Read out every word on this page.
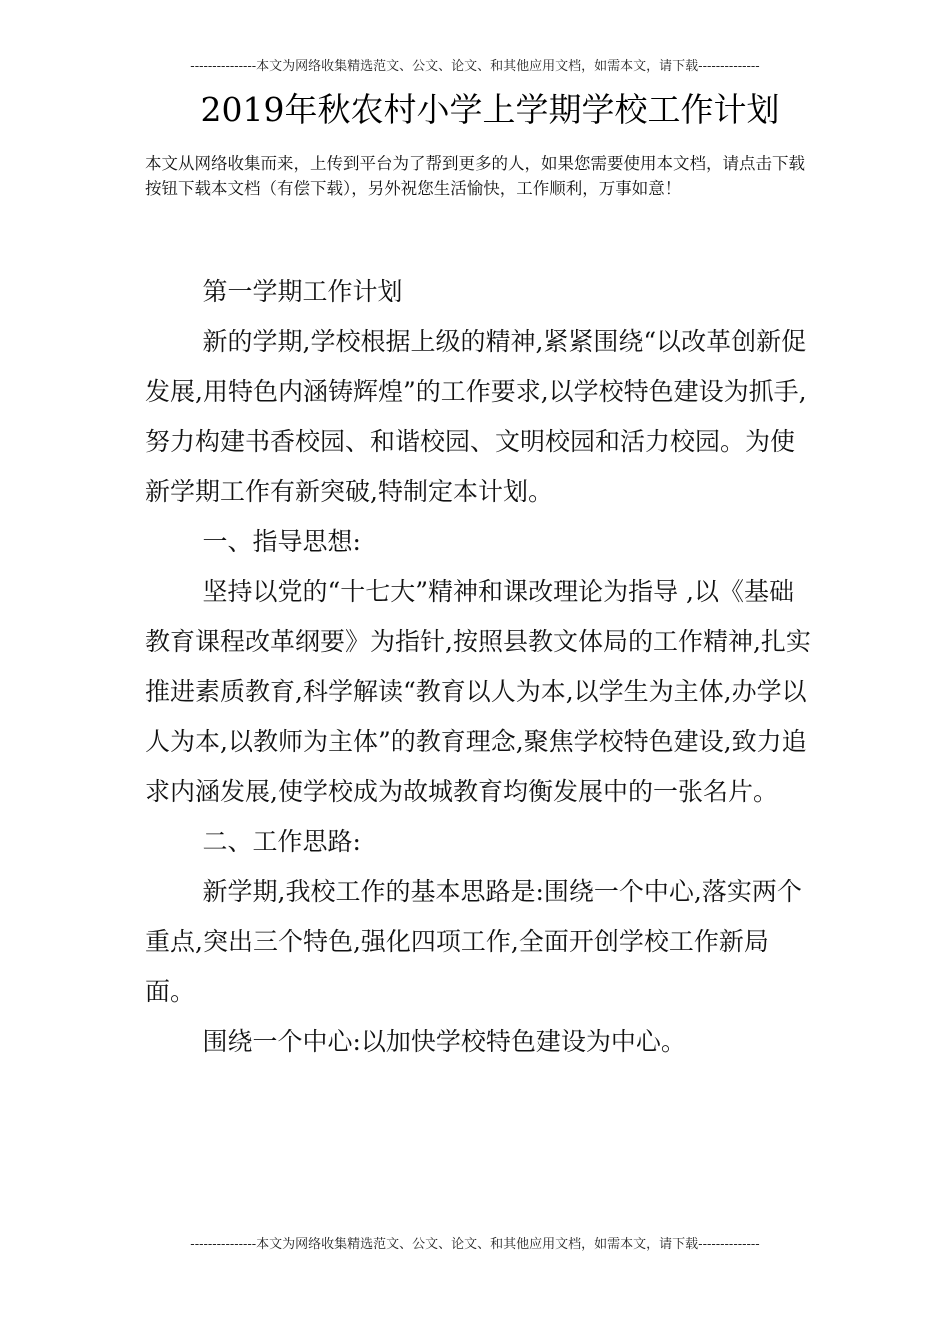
---------------本文为网络收集精选范文、公文、论文、和其他应用文档，如需本文，请下载--------------
2019年秋农村小学上学期学校工作计划
本文从网络收集而来，上传到平台为了帮到更多的人，如果您需要使用本文档，请点击下载按钮下载本文档（有偿下载），另外祝您生活愉快，工作顺利，万事如意！

第一学期工作计划

新的学期,学校根据上级的精神,紧紧围绕“以改革创新促发展,用特色内涵铸辉煌”的工作要求,以学校特色建设为抓手,努力构建书香校园、和谐校园、文明校园和活力校园。为使新学期工作有新突破,特制定本计划。

一、指导思想:

坚持以党的“十七大”精神和课改理论为指导 ,以《基础教育课程改革纲要》为指针,按照县教文体局的工作精神,扎实推进素质教育,科学解读“教育以人为本,以学生为主体,办学以人为本,以教师为主体”的教育理念,聚焦学校特色建设,致力追求内涵发展,使学校成为故城教育均衡发展中的一张名片。

二、工作思路:

新学期,我校工作的基本思路是:围绕一个中心,落实两个重点,突出三个特色,强化四项工作,全面开创学校工作新局面。

围绕一个中心:以加快学校特色建设为中心。

---------------本文为网络收集精选范文、公文、论文、和其他应用文档，如需本文，请下载--------------
